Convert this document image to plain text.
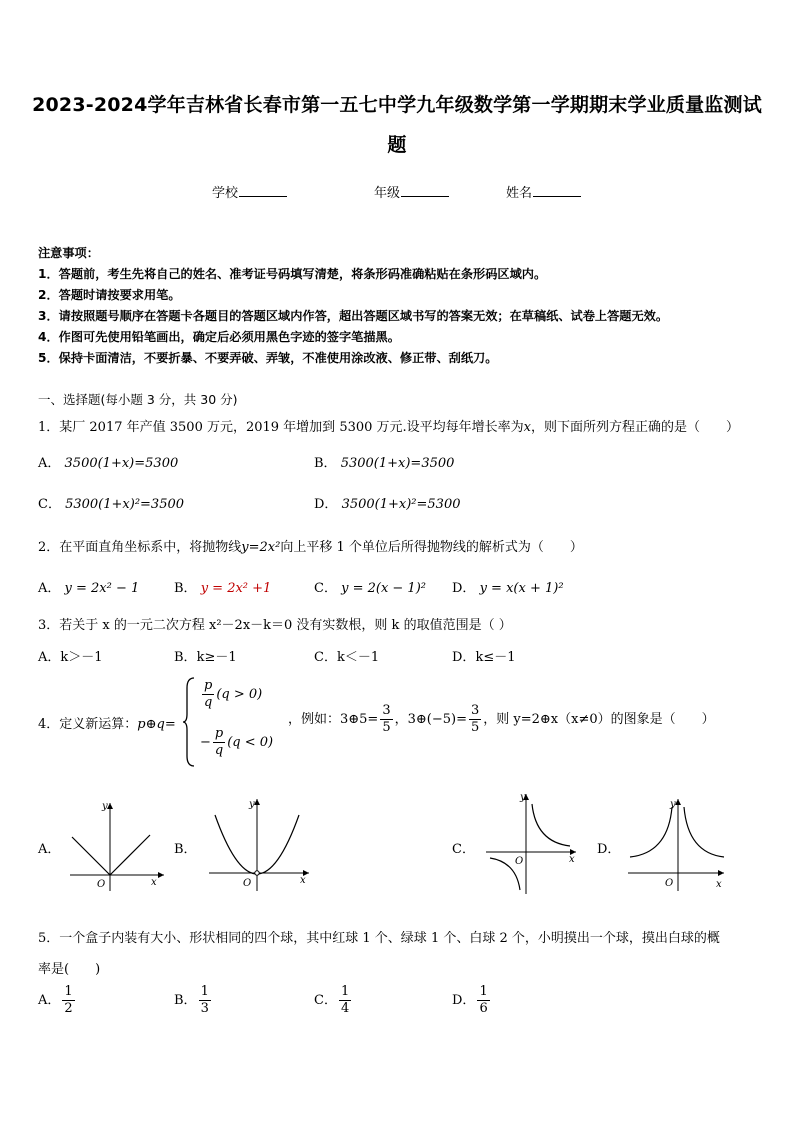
2023-2024学年吉林省长春市第一五七中学九年级数学第一学期期末学业质量监测试
题
学校	年级	姓名
注意事项：
1．答题前，考生先将自己的姓名、准考证号码填写清楚，将条形码准确粘贴在条形码区域内。
2．答题时请按要求用笔。
3．请按照题号顺序在答题卡各题目的答题区域内作答，超出答题区域书写的答案无效；在草稿纸、试卷上答题无效。
4．作图可先使用铅笔画出，确定后必须用黑色字迹的签字笔描黑。
5．保持卡面清洁，不要折暴、不要弄破、弄皱，不准使用涂改液、修正带、刮纸刀。
一、选择题(每小题 3 分，共 30 分)
1．某厂 2017 年产值 3500 万元，2019 年增加到 5300 万元.设平均每年增长率为x，则下面所列方程正确的是（　　）
A． 3500(1+x)=5300	B． 5300(1+x)=3500
C． 5300(1+x)²=3500	D． 3500(1+x)²=5300
2．在平面直角坐标系中，将抛物线y=2x²向上平移 1 个单位后所得抛物线的解析式为（　　）
A． y = 2x² − 1	B． y = 2x² +1	C． y = 2(x − 1)² D． y = x(x + 1)²
3．若关于 x 的一元二次方程 x²－2x－k＝0 没有实数根，则 k 的取值范围是（ ）
A．k＞－1	B．k≥－1	C．k＜－1	D．k≤－1
4．定义新运算：p⊕q=
$\frac{p}{q} (q > 0)$
− $\frac{p}{q} (q < 0)$
，例如：3⊕5= $\frac{3}{5}$ ，3⊕(−5)= $\frac{3}{5}$ ，则 y=2⊕x（x≠0）的图象是（　　）
A．
y
x
O
B．
y
x
O
C．
y
x
O
D．
y
x
O
5．一个盒子内装有大小、形状相同的四个球，其中红球 1 个、绿球 1 个、白球 2 个，小明摸出一个球，摸出白球的概
率是(　　)
A． $\frac{1}{2}$	B． $\frac{1}{3}$	C． $\frac{1}{4}$	D． $\frac{1}{6}$
